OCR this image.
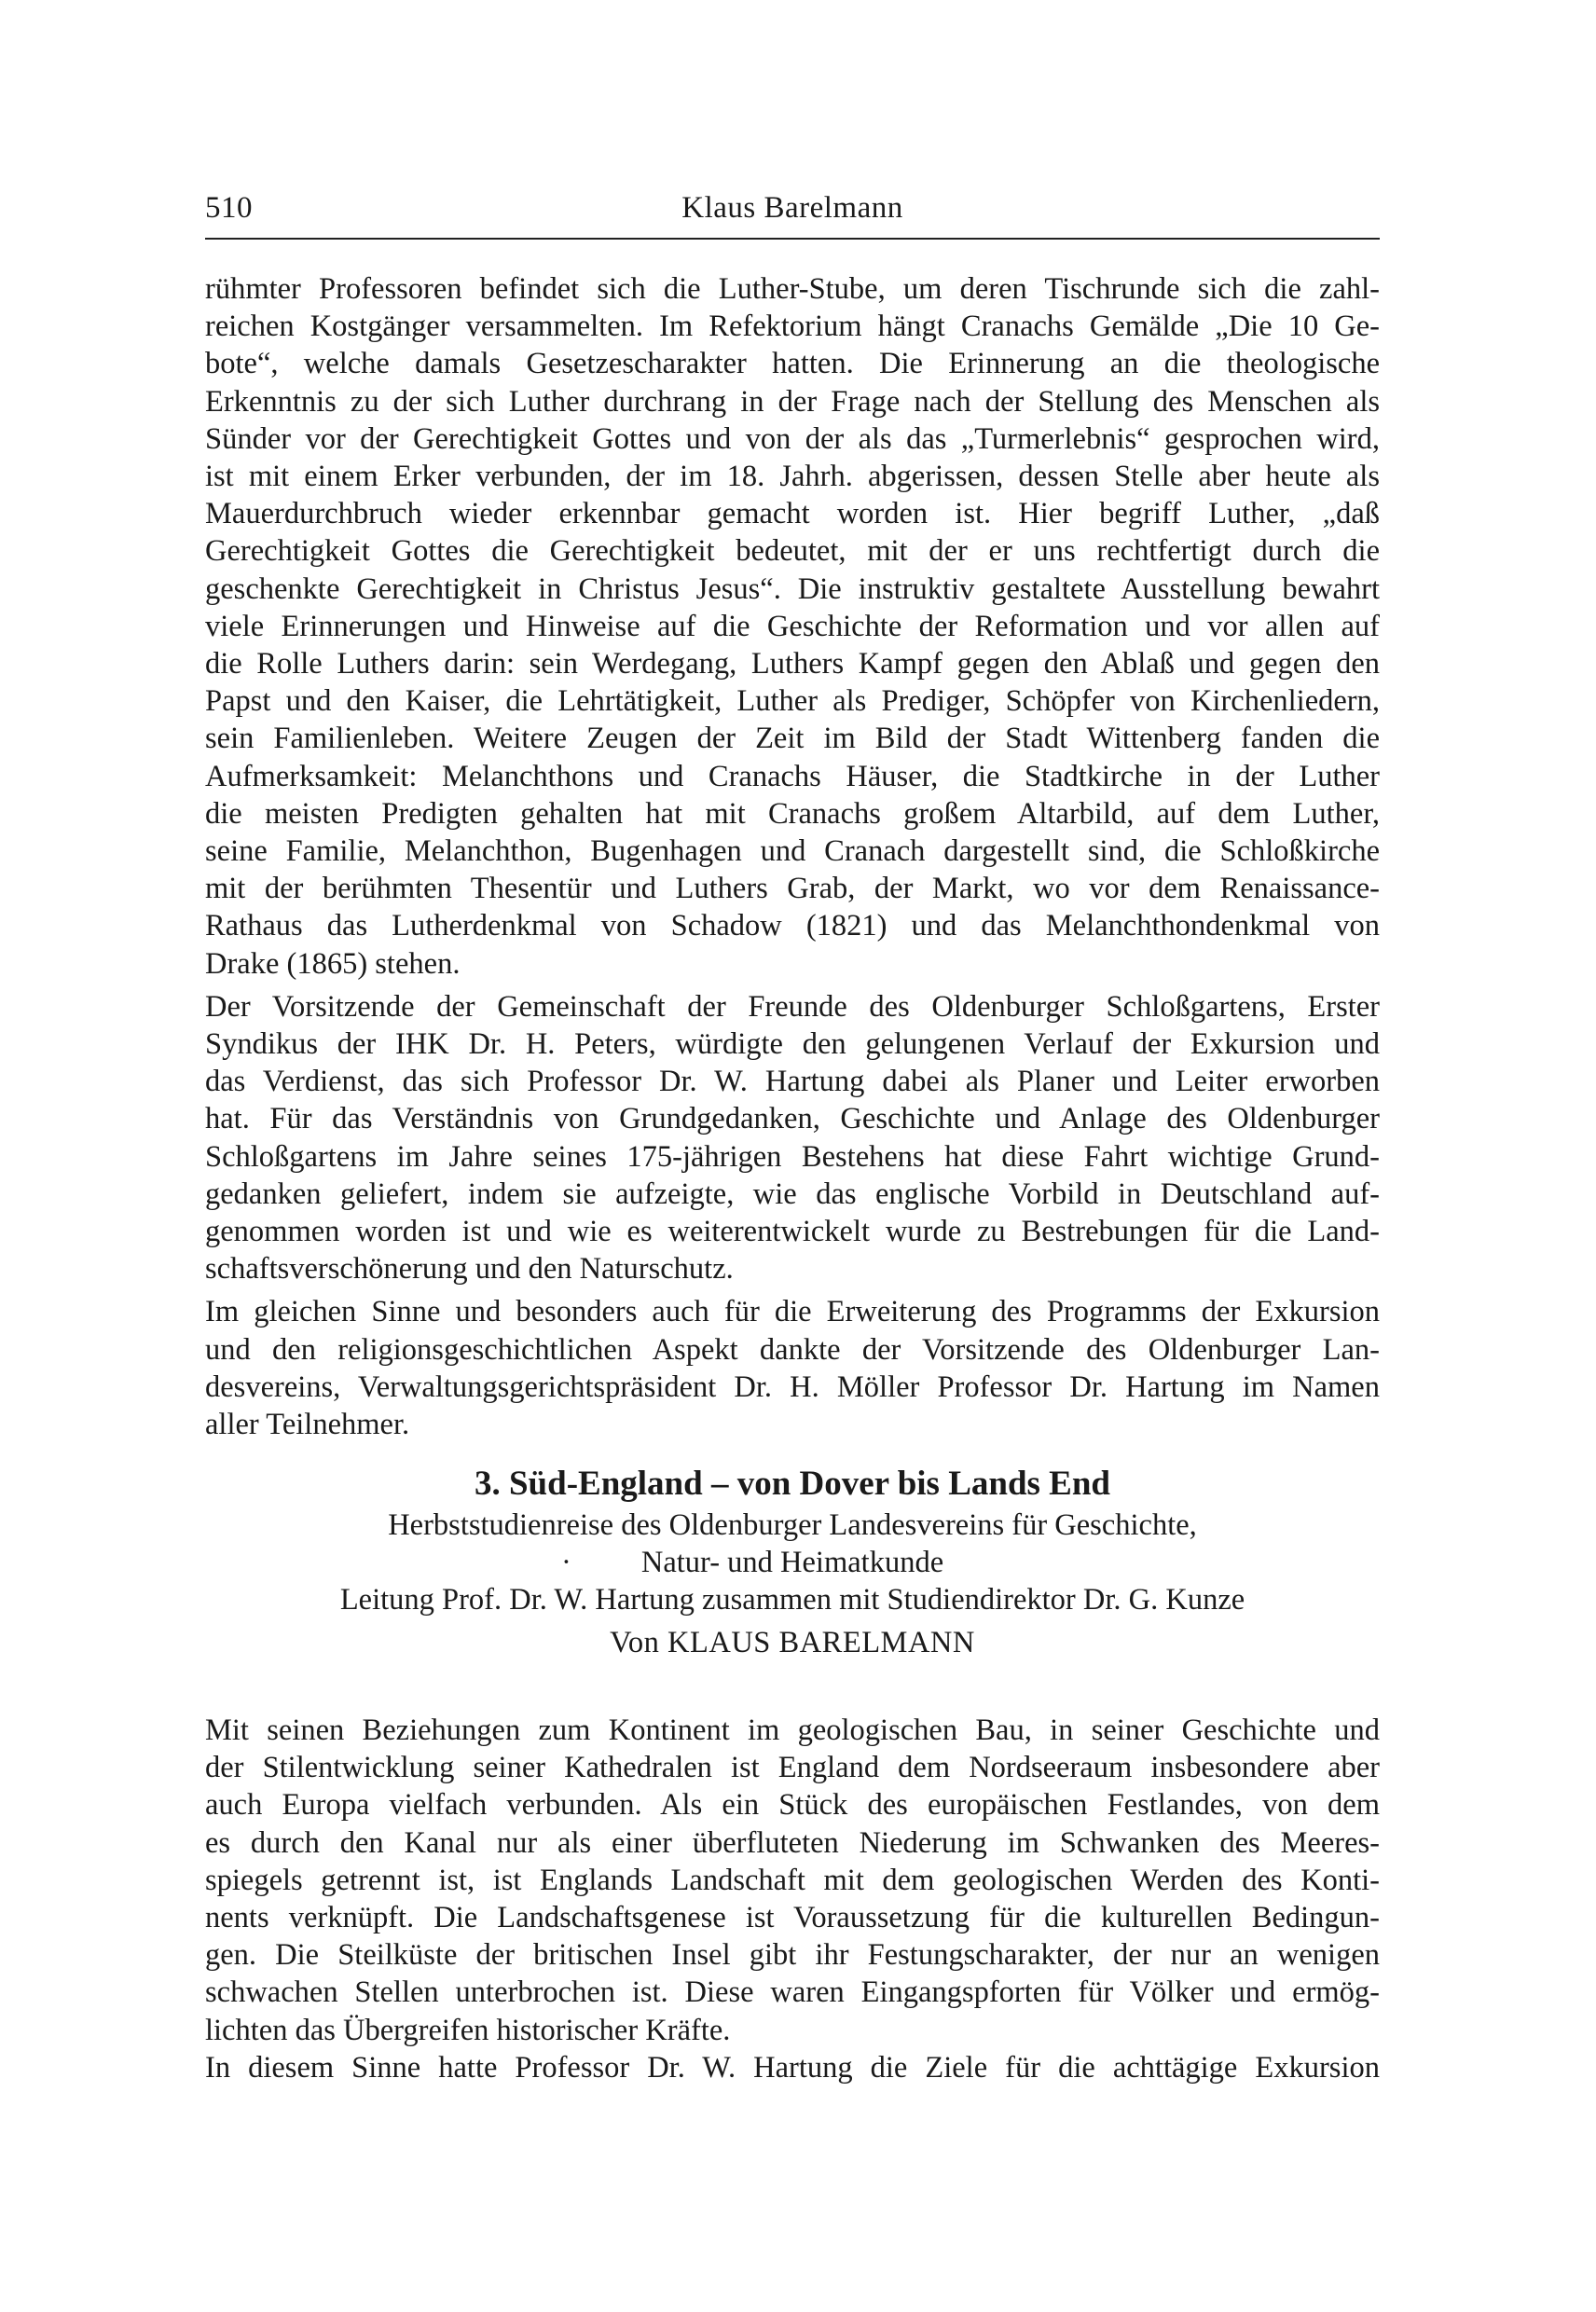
510	Klaus Barelmann
rühmter Professoren befindet sich die Luther-Stube, um deren Tischrunde sich die zahl-
reichen Kostgänger versammelten. Im Refektorium hängt Cranachs Gemälde „Die 10 Ge-
bote“, welche damals Gesetzescharakter hatten. Die Erinnerung an die theologische
Erkenntnis zu der sich Luther durchrang in der Frage nach der Stellung des Menschen als
Sünder vor der Gerechtigkeit Gottes und von der als das „Turmerlebnis“ gesprochen wird,
ist mit einem Erker verbunden, der im 18. Jahrh. abgerissen, dessen Stelle aber heute als
Mauerdurchbruch wieder erkennbar gemacht worden ist. Hier begriff Luther, „daß
Gerechtigkeit Gottes die Gerechtigkeit bedeutet, mit der er uns rechtfertigt durch die
geschenkte Gerechtigkeit in Christus Jesus“. Die instruktiv gestaltete Ausstellung bewahrt
viele Erinnerungen und Hinweise auf die Geschichte der Reformation und vor allen auf
die Rolle Luthers darin: sein Werdegang, Luthers Kampf gegen den Ablaß und gegen den
Papst und den Kaiser, die Lehrtätigkeit, Luther als Prediger, Schöpfer von Kirchenliedern,
sein Familienleben. Weitere Zeugen der Zeit im Bild der Stadt Wittenberg fanden die
Aufmerksamkeit: Melanchthons und Cranachs Häuser, die Stadtkirche in der Luther
die meisten Predigten gehalten hat mit Cranachs großem Altarbild, auf dem Luther,
seine Familie, Melanchthon, Bugenhagen und Cranach dargestellt sind, die Schloßkirche
mit der berühmten Thesentür und Luthers Grab, der Markt, wo vor dem Renaissance-
Rathaus das Lutherdenkmal von Schadow (1821) und das Melanchthondenkmal von
Drake (1865) stehen.
Der Vorsitzende der Gemeinschaft der Freunde des Oldenburger Schloßgartens, Erster
Syndikus der IHK Dr. H. Peters, würdigte den gelungenen Verlauf der Exkursion und
das Verdienst, das sich Professor Dr. W. Hartung dabei als Planer und Leiter erworben
hat. Für das Verständnis von Grundgedanken, Geschichte und Anlage des Oldenburger
Schloßgartens im Jahre seines 175-jährigen Bestehens hat diese Fahrt wichtige Grund-
gedanken geliefert, indem sie aufzeigte, wie das englische Vorbild in Deutschland auf-
genommen worden ist und wie es weiterentwickelt wurde zu Bestrebungen für die Land-
schaftsverschönerung und den Naturschutz.
Im gleichen Sinne und besonders auch für die Erweiterung des Programms der Exkursion
und den religionsgeschichtlichen Aspekt dankte der Vorsitzende des Oldenburger Lan-
desvereins, Verwaltungsgerichtspräsident Dr. H. Möller Professor Dr. Hartung im Namen
aller Teilnehmer.
3. Süd-England – von Dover bis Lands End
Herbststudienreise des Oldenburger Landesvereins für Geschichte,
· Natur- und Heimatkunde
Leitung Prof. Dr. W. Hartung zusammen mit Studiendirektor Dr. G. Kunze
Von KLAUS BARELMANN
Mit seinen Beziehungen zum Kontinent im geologischen Bau, in seiner Geschichte und
der Stilentwicklung seiner Kathedralen ist England dem Nordseeraum insbesondere aber
auch Europa vielfach verbunden. Als ein Stück des europäischen Festlandes, von dem
es durch den Kanal nur als einer überfluteten Niederung im Schwanken des Meeres-
spiegels getrennt ist, ist Englands Landschaft mit dem geologischen Werden des Konti-
nents verknüpft. Die Landschaftsgenese ist Voraussetzung für die kulturellen Bedingun-
gen. Die Steilküste der britischen Insel gibt ihr Festungscharakter, der nur an wenigen
schwachen Stellen unterbrochen ist. Diese waren Eingangspforten für Völker und ermög-
lichten das Übergreifen historischer Kräfte.
In diesem Sinne hatte Professor Dr. W. Hartung die Ziele für die achttägige Exkursion
